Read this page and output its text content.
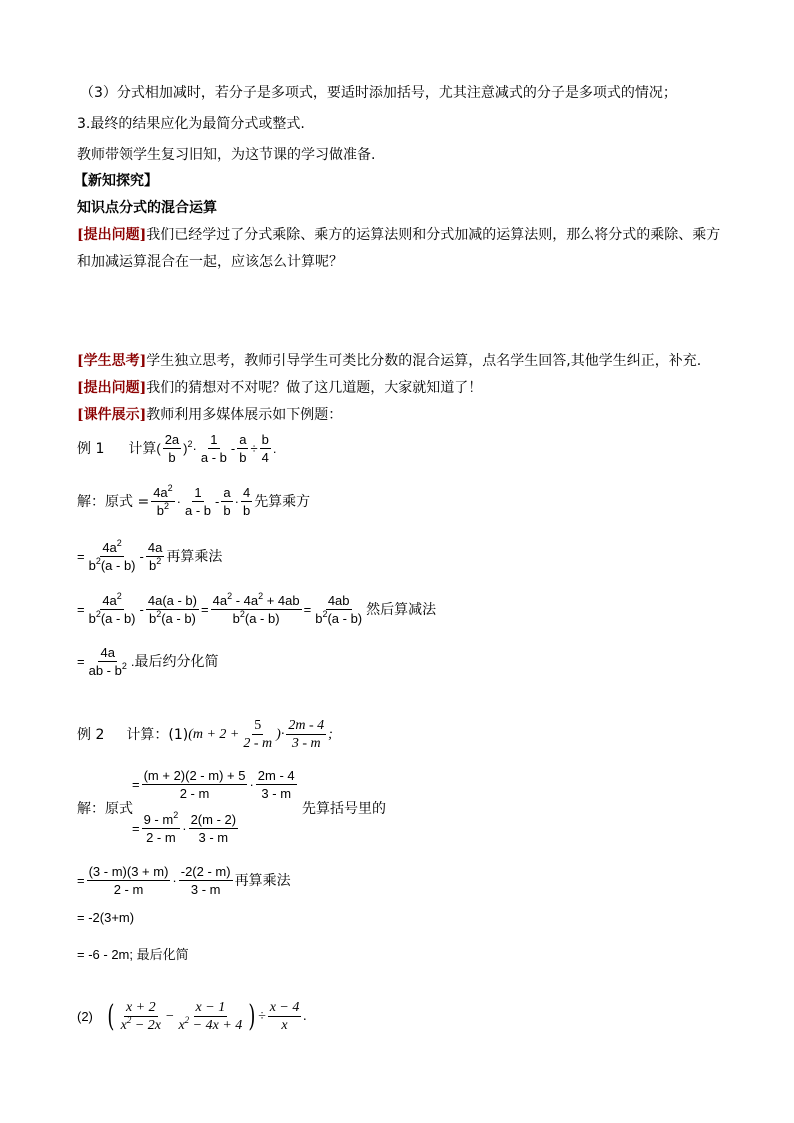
（3）分式相加减时，若分子是多项式，要适时添加括号，尤其注意减式的分子是多项式的情况；
3.最终的结果应化为最简分式或整式.
教师带领学生复习旧知，为这节课的学习做准备.
【新知探究】
知识点分式的混合运算
[提出问题]我们已经学过了分式乘除、乘方的运算法则和分式加减的运算法则，那么将分式的乘除、乘方
和加减运算混合在一起，应该怎么计算呢？
[学生思考]学生独立思考，教师引导学生可类比分数的混合运算，点名学生回答,其他学生纠正，补充.
[提出问题]我们的猜想对不对呢？做了这几道题，大家就知道了！
[课件展示]教师利用多媒体展示如下例题：
例 1 计算 ( $\frac{2a}{b} )^2\cdot \frac{1}{a - b} - \frac{a}{b} \div \frac{b}{4}$ .
解：原式 = $\frac{4a^2}{b^2} \cdot \frac{1}{a - b} - \frac{a}{b} \cdot \frac{4}{b}$ 先算乘方
= $\frac{4a^2}{b^2(a - b)} - \frac{4a}{b^2}$ 再算乘法
= $\frac{4a^2}{b^2(a - b)} - \frac{4a(a - b)}{b^2(a - b)} = \frac{4a^2 - 4a^2 + 4ab}{b^2(a - b)} = \frac{4ab}{b^2(a - b)}$ 然后算减法
= $\frac{4a}{ab - b^2}$ . 最后约分化简
例 2 计算：(1) ($m + 2 + \frac{5}{2 - m}$ )· $\frac{2m - 4}{3 - m}$ ;
= $\frac{(m + 2)(2 - m) + 5}{2 - m} \cdot \frac{2m - 4}{3 - m}$
解：原式	先算括号里的
= $\frac{9 - m^2}{2 - m} \cdot \frac{2(m - 2)}{3 - m}$
= $\frac{(3 - m)(3 + m)}{2 - m} \cdot \frac{-2(2 - m)}{3 - m}$ 再算乘法
= -2(3+m)
= -6 - 2m; 最后化简
(2) ( $\frac{x + 2}{x^2 - 2x} - \frac{x - 1}{x^2 - 4x + 4}$ ) ÷ $\frac{x - 4}{x}$ .
